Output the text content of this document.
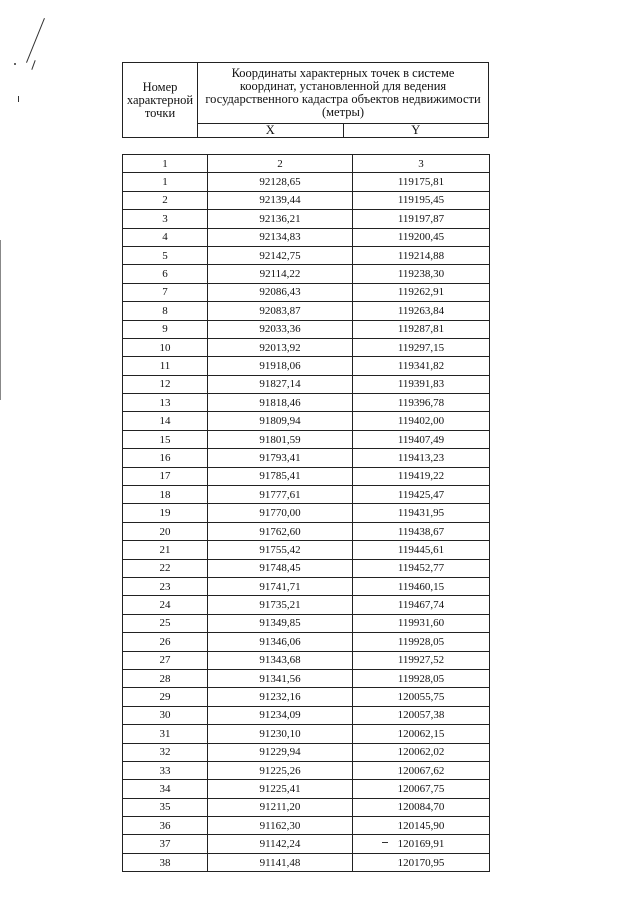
Номер характерной точки	Координаты характерных точек в системе координат, установленной для ведения государственного кадастра объектов недвижимости (метры)	
	X	Y
1	2	3
1	92128,65	119175,81
2	92139,44	119195,45
3	92136,21	119197,87
4	92134,83	119200,45
5	92142,75	119214,88
6	92114,22	119238,30
7	92086,43	119262,91
8	92083,87	119263,84
9	92033,36	119287,81
10	92013,92	119297,15
11	91918,06	119341,82
12	91827,14	119391,83
13	91818,46	119396,78
14	91809,94	119402,00
15	91801,59	119407,49
16	91793,41	119413,23
17	91785,41	119419,22
18	91777,61	119425,47
19	91770,00	119431,95
20	91762,60	119438,67
21	91755,42	119445,61
22	91748,45	119452,77
23	91741,71	119460,15
24	91735,21	119467,74
25	91349,85	119931,60
26	91346,06	119928,05
27	91343,68	119927,52
28	91341,56	119928,05
29	91232,16	120055,75
30	91234,09	120057,38
31	91230,10	120062,15
32	91229,94	120062,02
33	91225,26	120067,62
34	91225,41	120067,75
35	91211,20	120084,70
36	91162,30	120145,90
37	91142,24	120169,91
38	91141,48	120170,95
